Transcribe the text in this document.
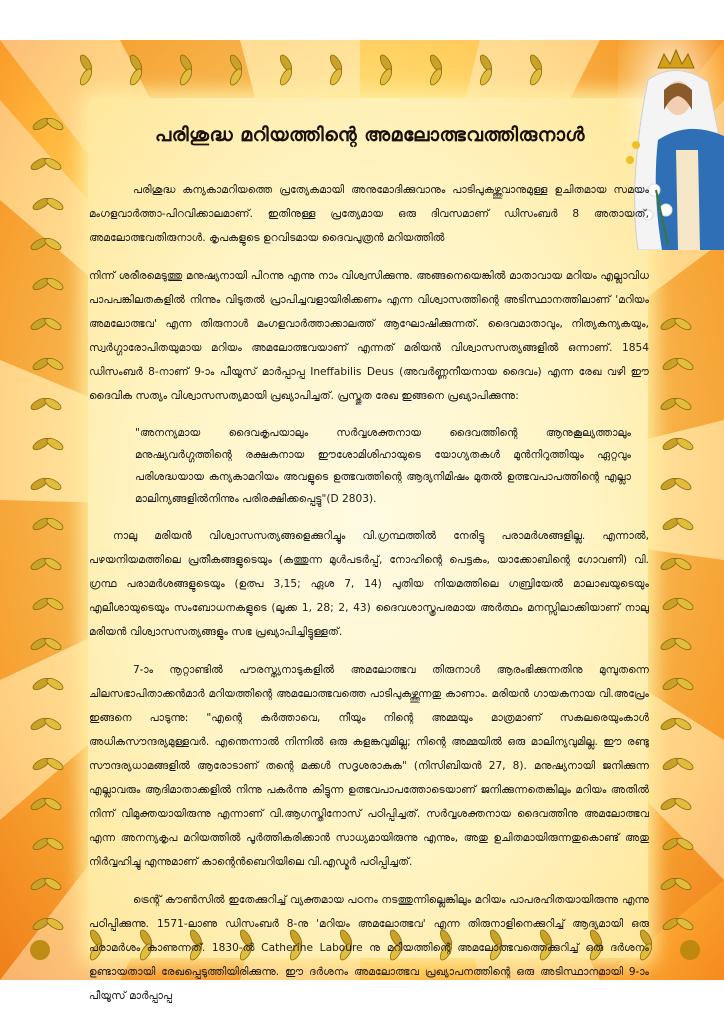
പരിശുദ്ധ മറിയത്തിന്റെ അമലോത്ഭവത്തിരുനാൾ

പരിശുദ്ധ കന്യകാമറിയത്തെ പ്രത്യേകമായി അനുമോദിക്കുവാനും പാടിപുകഴ്ത്തുവാനുമുള്ള ഉചിതമായ സമയം മംഗളവാർത്താ-പിറവിക്കാലമാണ്. ഇതിനുള്ള പ്രത്യേമായ ഒരു ദിവസമാണ് ഡിസംബർ 8 അതായത്, അമലോത്ഭവതിരുനാൾ. കൃപകളുടെ ഉറവിടമായ ദൈവപുത്രൻ മറിയത്തിൽ

നിന്ന് ശരീരമെടുത്തു മനുഷ്യനായി പിറന്നു എന്നു നാം വിശ്വസിക്കുന്നു. അങ്ങനെയെങ്കിൽ മാതാവായ മറിയം എല്ലാവിധ പാപപങ്കിലതകളിൽ നിന്നും വിടുതൽ പ്രാപിച്ചവളായിരിക്കണം എന്ന വിശ്വാസത്തിന്റെ അടിസ്ഥാനത്തിലാണ് 'മറിയം അമലോത്ഭവ' എന്ന തിരുനാൾ മംഗളവാർത്താക്കാലത്ത് ആഘോഷിക്കുന്നത്. ദൈവമാതാവും, നിത്യകന്യകയും, സ്വർഗ്ഗാരോപിതയുമായ മറിയം അമലോത്ഭവയാണ് എന്നത് മരിയൻ വിശ്വാസസത്യങ്ങളിൽ ഒന്നാണ്. 1854 ഡിസംബർ 8-നാണ് 9-ാം പീയൂസ് മാർപ്പാപ്പ Ineffabilis Deus (അവർണ്ണനീയനായ ദൈവം) എന്ന രേഖ വഴി ഈ ദൈവിക സത്യം വിശ്വാസസത്യമായി പ്രഖ്യാപിച്ചത്. പ്രസ്തുത രേഖ ഇങ്ങനെ പ്രഖ്യാപിക്കുന്നു:

"അനന്യമായ ദൈവകൃപയാലും സർവ്വശക്തനായ ദൈവത്തിന്റെ ആനുകൂല്യത്താലും മനുഷ്യവർഗ്ഗത്തിന്റെ രക്ഷകനായ ഈശോമിശിഹായുടെ യോഗ്യതകൾ മുൻനിറുത്തിയും ഏറ്റവും പരിശദ്ധയായ കന്യകാമറിയം അവളുടെ ഉത്ഭവത്തിന്റെ ആദ്യനിമിഷം മുതൽ ഉത്ഭവപാപത്തിന്റെ എല്ലാ മാലിന്യങ്ങളിൽനിന്നും പരിരക്ഷിക്കപ്പെട്ടു"(D 2803).

നാലു മരിയൻ വിശ്വാസസത്യങ്ങളെക്കുറിച്ചും വി.ഗ്രന്ഥത്തിൽ നേരിട്ടു പരാമർശങ്ങളില്ല. എന്നാൽ, പഴയനിയമത്തിലെ പ്രതീകങ്ങളുടെയും (കത്തുന്ന മുൾപടർപ്പ്, നോഹിന്റെ പെട്ടകം, യാക്കോബിന്റെ ഗോവണി) വി. ഗ്രന്ഥ പരാമർശങ്ങളുടെയും (ഉത്പ 3,15; ഏശ 7, 14) പുതിയ നിയമത്തിലെ ഗബ്രിയേൽ മാലാഖയുടെയും എലീശായുടെയും സംബോധനകളുടെ (ലൂക്ക 1, 28; 2, 43) ദൈവശാസ്ത്രപരമായ അർത്ഥം മനസ്സിലാക്കിയാണ് നാലു മരിയൻ വിശ്വാസസത്യങ്ങളും സഭ പ്രഖ്യാപിച്ചിട്ടുള്ളത്.

7-ാം നൂറ്റാണ്ടിൽ പൗരസ്ത്യനാടുകളിൽ അമലോത്ഭവ തിരുനാൾ ആരംഭിക്കുന്നതിനു മുമ്പുതന്നെ ചിലസഭാപിതാക്കൻമാർ മറിയത്തിന്റെ അമലോത്ഭവത്തെ പാടിപുകഴ്ത്തുന്നതു കാണാം. മരിയൻ ഗായകനായ വി.അപ്രേം ഇങ്ങനെ പാടുന്നു: "എന്റെ കർത്താവെ, നീയും നിന്റെ അമ്മയും മാത്രമാണ് സകലരെയുംകാൾ അധികസൗന്ദര്യമുള്ളവർ. എന്തെന്നാൽ നിന്നിൽ ഒരു കളങ്കവുമില്ല; നിന്റെ അമ്മയിൽ ഒരു മാലിന്യവുമില്ല. ഈ രണ്ടു സൗന്ദര്യധാമങ്ങളിൽ ആരോടാണ് തന്റെ മക്കൾ സദൃശരാകുക" (നിസിബിയൻ 27, 8). മനുഷ്യനായി ജനിക്കുന്ന എല്ലാവരും ആദിമാതാക്കളിൽ നിന്നു പകർന്നു കിട്ടുന്ന ഉത്ഭവപാപത്തോടെയാണ് ജനിക്കുന്നതെങ്കിലും മറിയം അതിൽ നിന്ന് വിമുക്തയായിരുന്നു എന്നാണ് വി.ആഗസ്തിനോസ് പഠിപ്പിച്ചത്. സർവ്വശക്തനായ ദൈവത്തിനു അമലോത്ഭവ എന്ന അനന്യകൃപ മറിയത്തിൽ പൂർത്തികരിക്കാൻ സാധ്യമായിരുന്നു എന്നും, അതു ഉചിതമായിരുന്നതുകൊണ്ട് അതു നിർവ്വഹിച്ചു എന്നുമാണ് കാന്റെൻബെറിയിലെ വി.എഡ്മർ പഠിപ്പിച്ചത്.

ട്രെന്റ് കൗൺസിൽ ഇതേക്കുറിച്ച് വ്യക്തമായ പഠനം നടത്തുന്നില്ലെങ്കിലും മറിയം പാപരഹിതയായിരുന്നു എന്നു പഠിപ്പിക്കുന്നു. 1571-ലാണു ഡിസംബർ 8-നു 'മറിയം അമലോത്ഭവ' എന്ന തിരുനാളിനെക്കുറിച്ച് ആദ്യമായി ഒരു പരാമർശം കാണുന്നത്. 1830-ൽ Catherine Laboure നു മറിയത്തിന്റെ അമലോത്ഭവത്തെക്കുറിച്ച് ഒരു ദർശനം ഉണ്ടായതായി രേഖപ്പെടുത്തിയിരിക്കുന്നു. ഈ ദർശനം അമലോത്ഭവ പ്രഖ്യാപനത്തിന്റെ ഒരു അടിസ്ഥാനമായി 9-ാം പീയൂസ് മാർപ്പാപ്പ
